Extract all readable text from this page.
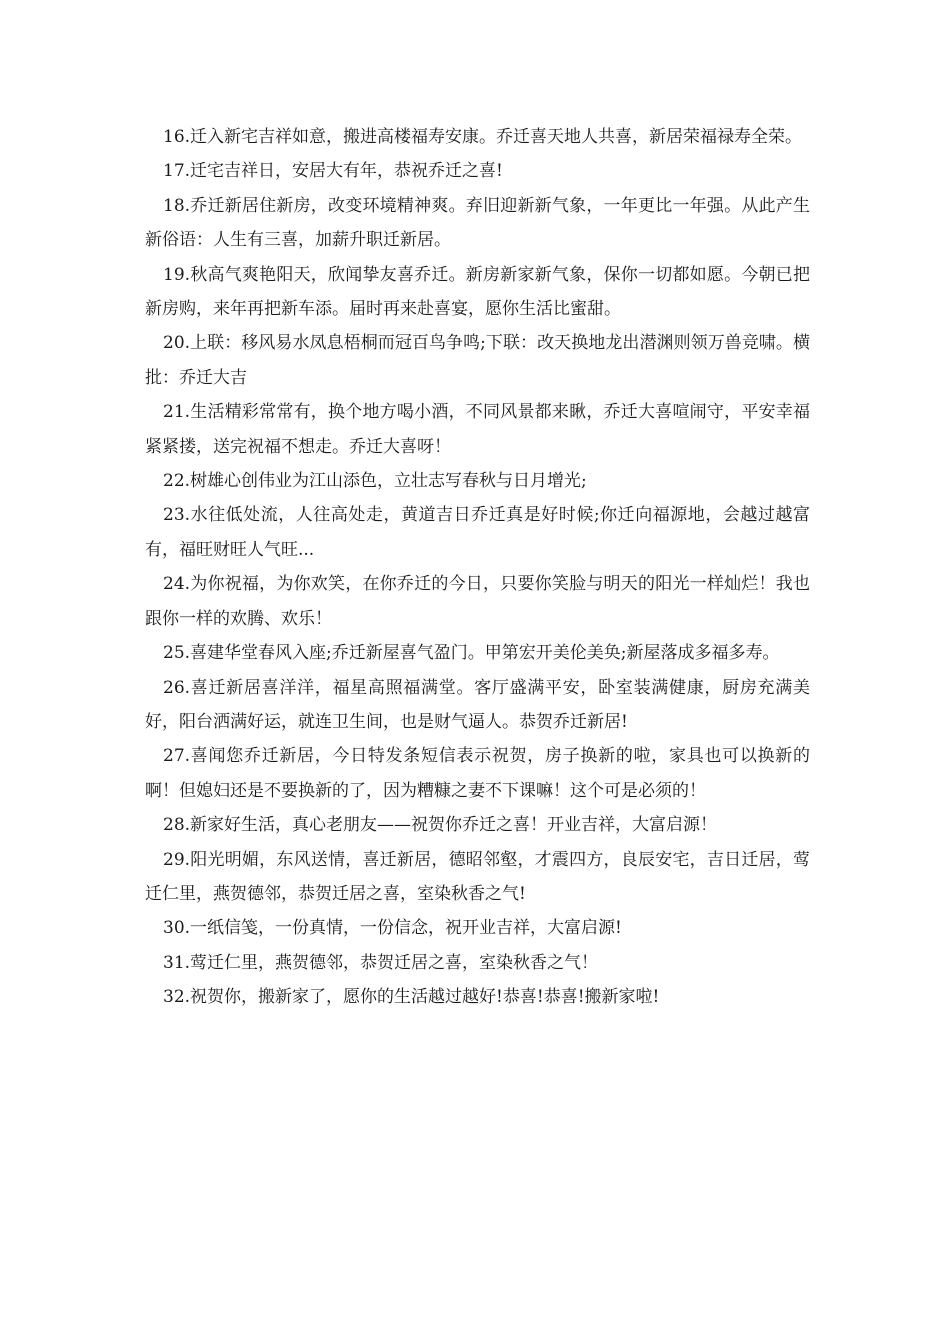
16.迁入新宅吉祥如意，搬进高楼福寿安康。乔迁喜天地人共喜，新居荣福禄寿全荣。

17.迁宅吉祥日，安居大有年，恭祝乔迁之喜!

18.乔迁新居住新房，改变环境精神爽。弃旧迎新新气象，一年更比一年强。从此产生新俗语：人生有三喜，加薪升职迁新居。

19.秋高气爽艳阳天，欣闻挚友喜乔迁。新房新家新气象，保你一切都如愿。今朝已把新房购，来年再把新车添。届时再来赴喜宴，愿你生活比蜜甜。

20.上联：移风易水凤息梧桐而冠百鸟争鸣;下联：改天换地龙出潜渊则领万兽竞啸。横批：乔迁大吉

21.生活精彩常常有，换个地方喝小酒，不同风景都来瞅，乔迁大喜喧闹守，平安幸福紧紧搂，送完祝福不想走。乔迁大喜呀！

22.树雄心创伟业为江山添色，立壮志写春秋与日月增光;

23.水往低处流，人往高处走，黄道吉日乔迁真是好时候;你迁向福源地，会越过越富有，福旺财旺人气旺...

24.为你祝福，为你欢笑，在你乔迁的今日，只要你笑脸与明天的阳光一样灿烂！我也跟你一样的欢腾、欢乐！

25.喜建华堂春风入座;乔迁新屋喜气盈门。甲第宏开美伦美奂;新屋落成多福多寿。

26.喜迁新居喜洋洋，福星高照福满堂。客厅盛满平安，卧室装满健康，厨房充满美好，阳台洒满好运，就连卫生间，也是财气逼人。恭贺乔迁新居!

27.喜闻您乔迁新居，今日特发条短信表示祝贺，房子换新的啦，家具也可以换新的啊！但媳妇还是不要换新的了，因为糟糠之妻不下课嘛！这个可是必须的！

28.新家好生活，真心老朋友——祝贺你乔迁之喜！开业吉祥，大富启源！

29.阳光明媚，东风送情，喜迁新居，德昭邻壑，才震四方，良辰安宅，吉日迁居，莺迁仁里，燕贺德邻，恭贺迁居之喜，室染秋香之气!

30.一纸信笺，一份真情，一份信念，祝开业吉祥，大富启源!

31.莺迁仁里，燕贺德邻，恭贺迁居之喜，室染秋香之气！

32.祝贺你，搬新家了，愿你的生活越过越好!恭喜!恭喜!搬新家啦!
